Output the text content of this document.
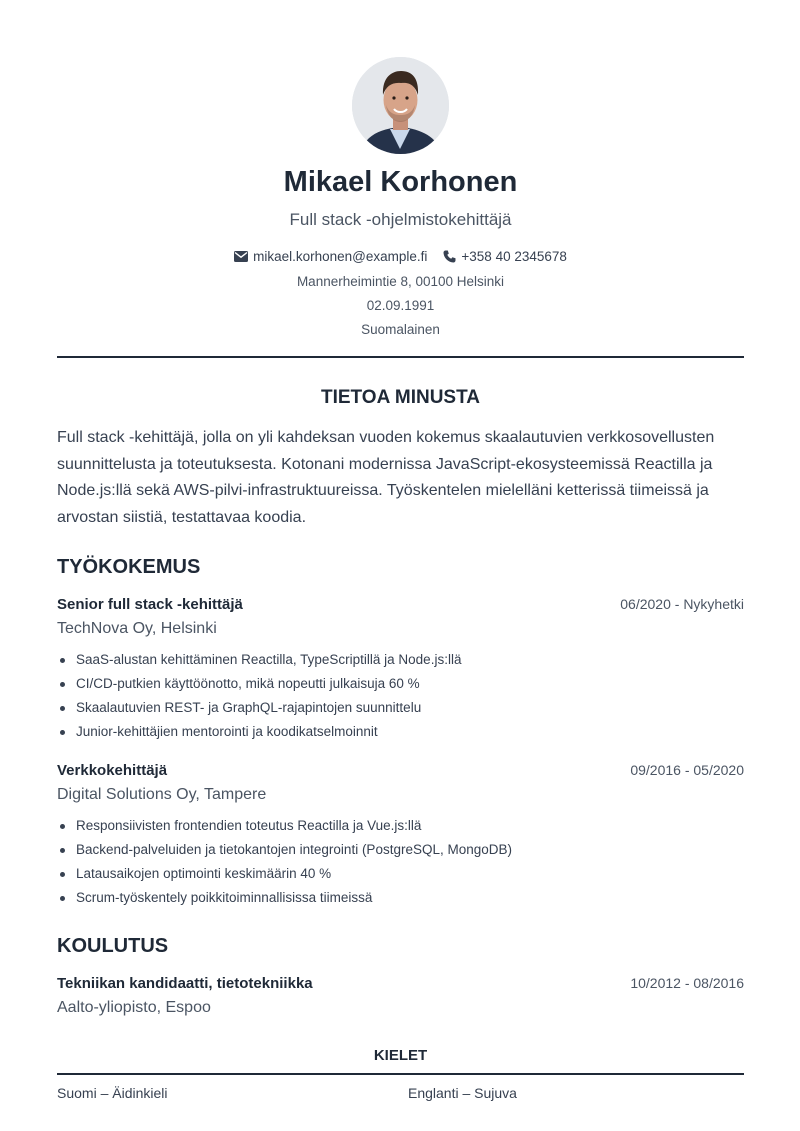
Mikael Korhonen
Full stack -ohjelmistokehittäjä
mikael.korhonen@example.fi	+358 40 2345678
Mannerheimintie 8, 00100 Helsinki
02.09.1991
Suomalainen
TIETOA MINUSTA
Full stack -kehittäjä, jolla on yli kahdeksan vuoden kokemus skaalautuvien verkkosovellusten suunnittelusta ja toteutuksesta. Kotonani modernissa JavaScript-ekosysteemissä Reactilla ja Node.js:llä sekä AWS-pilvi-infrastruktuureissa. Työskentelen mielelläni ketterissä tiimeissä ja arvostan siistiä, testattavaa koodia.
TYÖKOKEMUS
Senior full stack -kehittäjä	06/2020 - Nykyhetki
TechNova Oy, Helsinki
SaaS-alustan kehittäminen Reactilla, TypeScriptillä ja Node.js:llä
CI/CD-putkien käyttöönotto, mikä nopeutti julkaisuja 60 %
Skaalautuvien REST- ja GraphQL-rajapintojen suunnittelu
Junior-kehittäjien mentorointi ja koodikatselmoinnit
Verkkokehittäjä	09/2016 - 05/2020
Digital Solutions Oy, Tampere
Responsiivisten frontendien toteutus Reactilla ja Vue.js:llä
Backend-palveluiden ja tietokantojen integrointi (PostgreSQL, MongoDB)
Latausaikojen optimointi keskimäärin 40 %
Scrum-työskentely poikkitoiminnallisissa tiimeissä
KOULUTUS
Tekniikan kandidaatti, tietotekniikka	10/2012 - 08/2016
Aalto-yliopisto, Espoo
KIELET
Suomi – Äidinkieli	Englanti – Sujuva
